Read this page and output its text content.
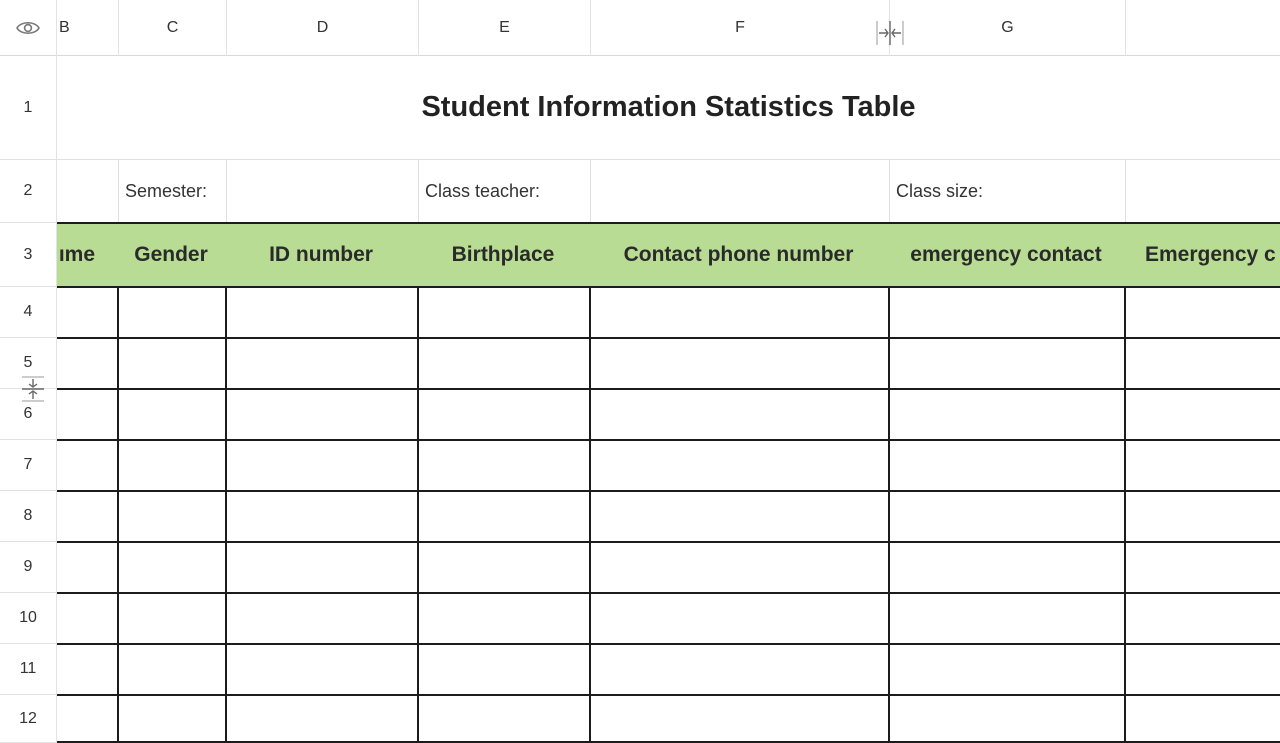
B	C	D	E	F	G
1
2
3
4
5
6
7
8
9
10
11
12
Student Information Statistics Table
Semester:	Class teacher:	Class size:
ıme	Gender	ID number	Birthplace	Contact phone number	emergency contact	Emergency c
